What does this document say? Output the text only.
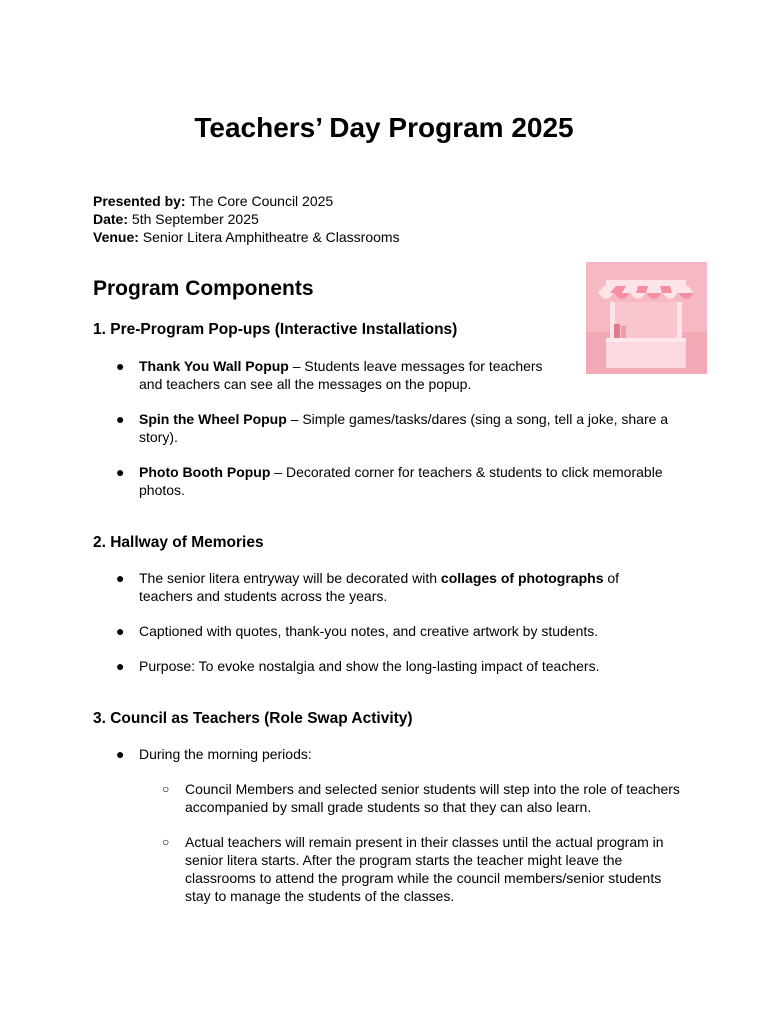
Teachers’ Day Program 2025
Presented by: The Core Council 2025
Date: 5th September 2025
Venue: Senior Litera Amphitheatre & Classrooms
Program Components
1. Pre-Program Pop-ups (Interactive Installations)
● Thank You Wall Popup – Students leave messages for teachers and teachers can see all the messages on the popup.
● Spin the Wheel Popup – Simple games/tasks/dares (sing a song, tell a joke, share a story).
● Photo Booth Popup – Decorated corner for teachers & students to click memorable photos.
2. Hallway of Memories
● The senior litera entryway will be decorated with collages of photographs of teachers and students across the years.
● Captioned with quotes, thank-you notes, and creative artwork by students.
● Purpose: To evoke nostalgia and show the long-lasting impact of teachers.
3. Council as Teachers (Role Swap Activity)
● During the morning periods:
○ Council Members and selected senior students will step into the role of teachers accompanied by small grade students so that they can also learn.
○ Actual teachers will remain present in their classes until the actual program in senior litera starts. After the program starts the teacher might leave the classrooms to attend the program while the council members/senior students stay to manage the students of the classes.
